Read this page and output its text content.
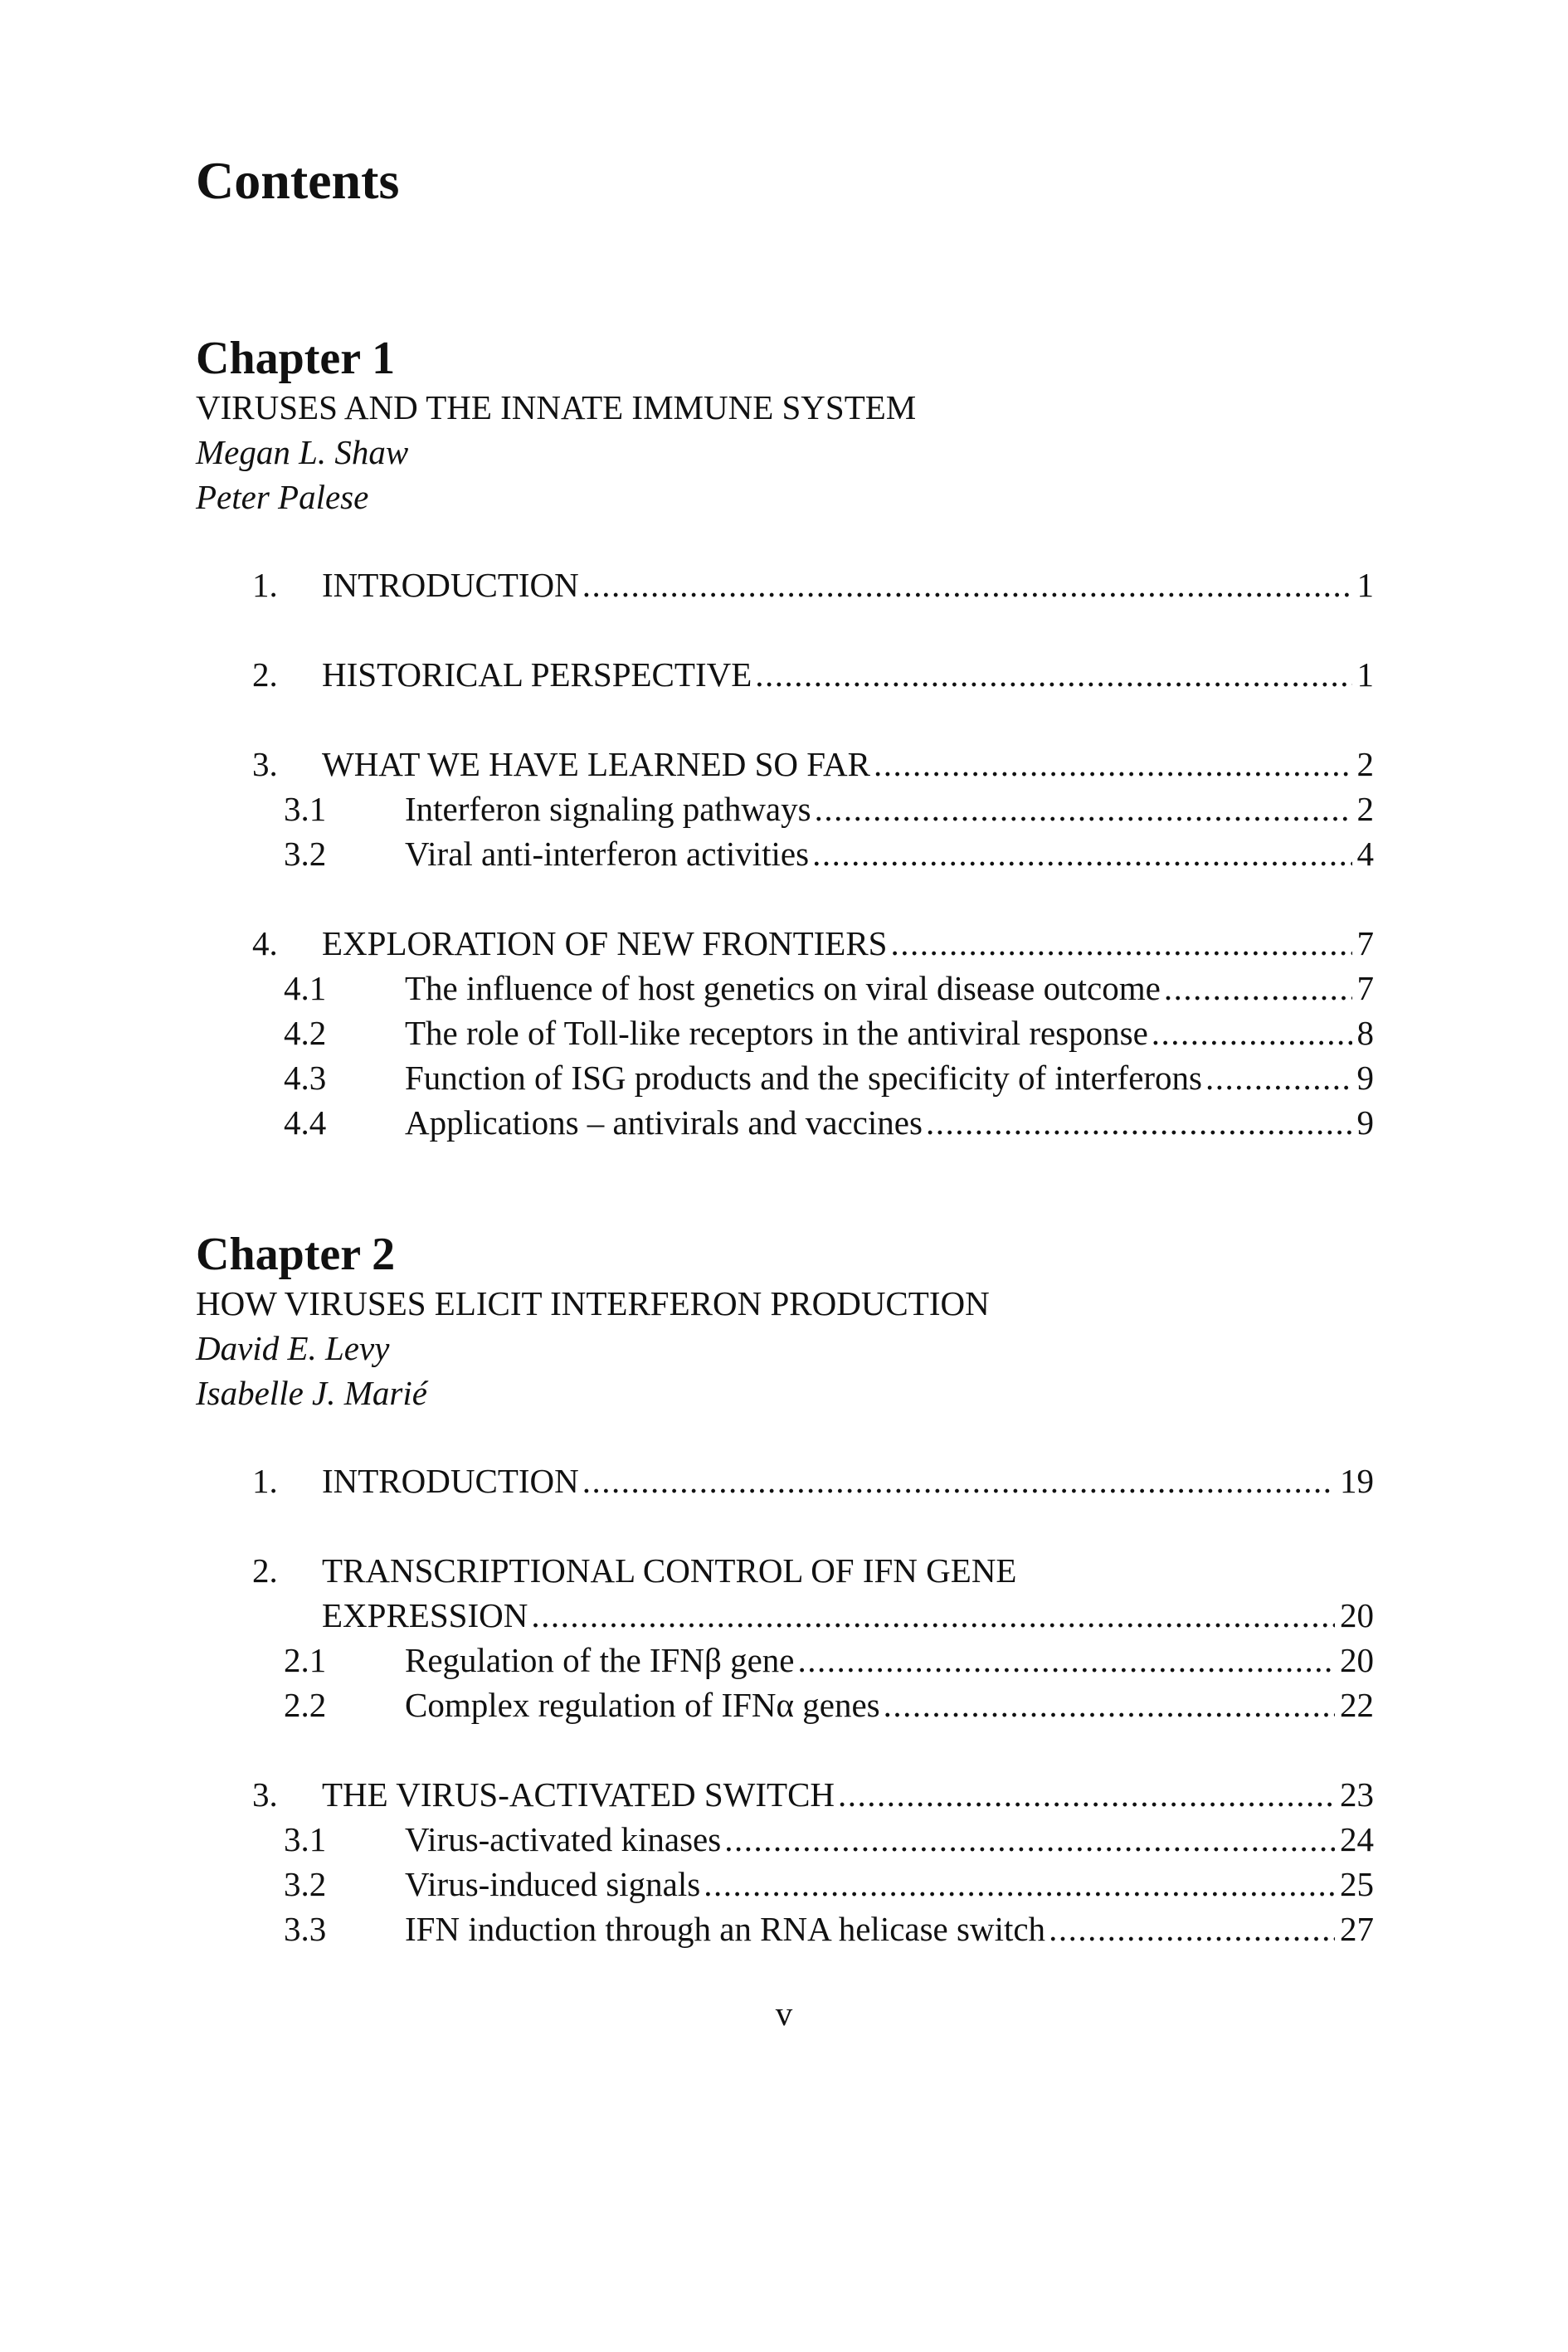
Contents
Chapter 1

VIRUSES AND THE INNATE IMMUNE SYSTEM

Megan L. Shaw

Peter Palese

1. INTRODUCTION .....	1
2. HISTORICAL PERSPECTIVE .....	1
3. WHAT WE HAVE LEARNED SO FAR .....	2
3.1 Interferon signaling pathways .....	2
3.2 Viral anti-interferon activities .....	4
4. EXPLORATION OF NEW FRONTIERS .....	7
4.1 The influence of host genetics on viral disease outcome .....	7
4.2 The role of Toll-like receptors in the antiviral response .....	8
4.3 Function of ISG products and the specificity of interferons .....	9
4.4 Applications – antivirals and vaccines .....	9
Chapter 2

HOW VIRUSES ELICIT INTERFERON PRODUCTION

David E. Levy

Isabelle J. Marié

1. INTRODUCTION .....	19
2. TRANSCRIPTIONAL CONTROL OF IFN GENE
EXPRESSION .....	20
2.1 Regulation of the IFNβ gene .....	20
2.2 Complex regulation of IFNα genes .....	22
3. THE VIRUS-ACTIVATED SWITCH .....	23
3.1 Virus-activated kinases .....	24
3.2 Virus-induced signals .....	25
3.3 IFN induction through an RNA helicase switch .....	27
v
